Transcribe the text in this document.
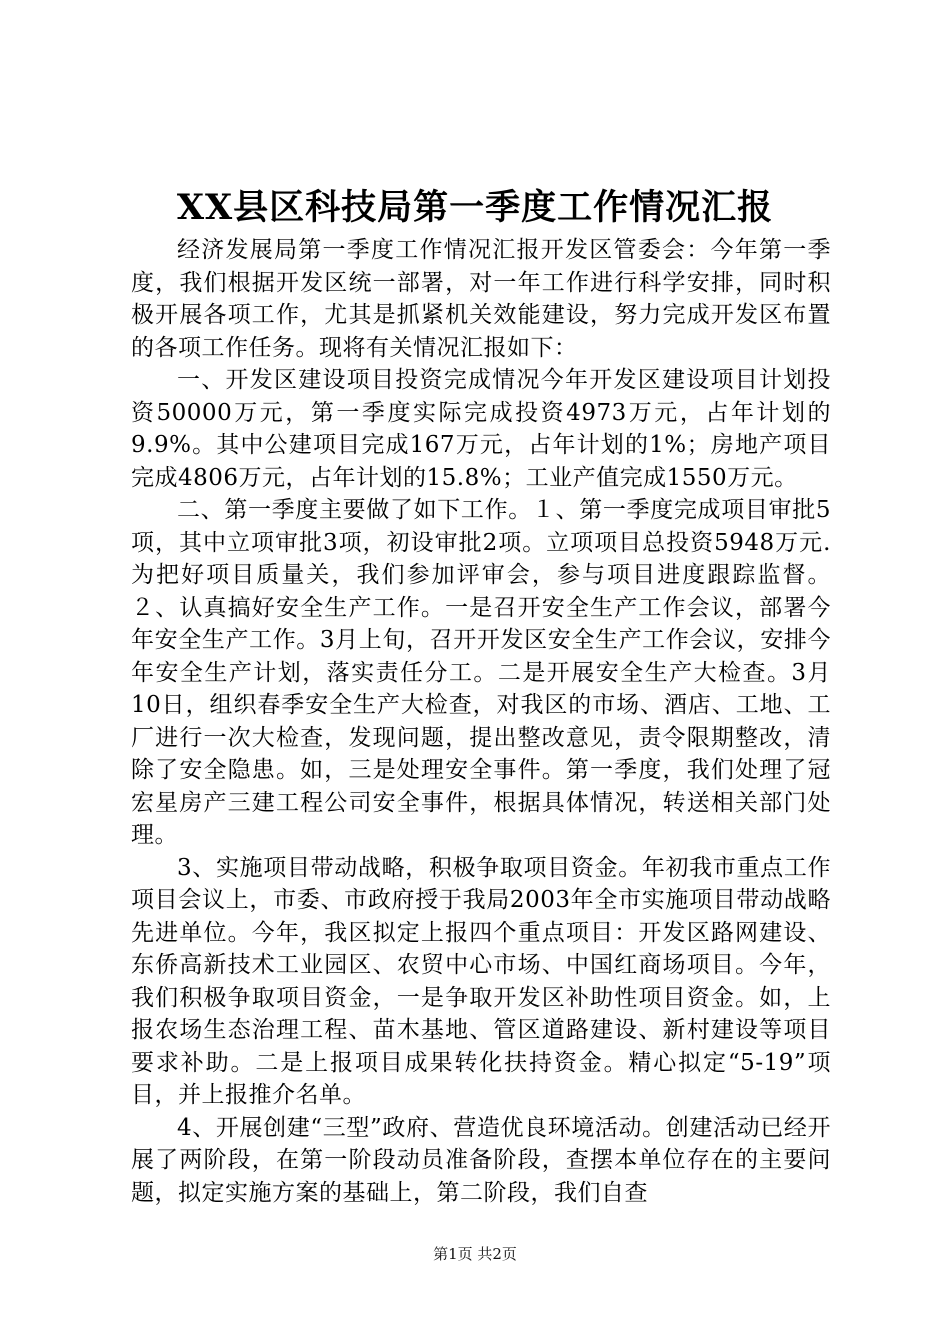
XX县区科技局第一季度工作情况汇报

经济发展局第一季度工作情况汇报开发区管委会：今年第一季度，我们根据开发区统一部署，对一年工作进行科学安排，同时积极开展各项工作，尤其是抓紧机关效能建设，努力完成开发区布置的各项工作任务。现将有关情况汇报如下：

一、开发区建设项目投资完成情况今年开发区建设项目计划投资50000万元，第一季度实际完成投资4973万元，占年计划的9.9%。其中公建项目完成167万元，占年计划的1%；房地产项目完成4806万元，占年计划的15.8%；工业产值完成1550万元。

二、第一季度主要做了如下工作。１、第一季度完成项目审批5项，其中立项审批3项，初设审批2项。立项项目总投资5948万元.为把好项目质量关，我们参加评审会，参与项目进度跟踪监督。２、认真搞好安全生产工作。一是召开安全生产工作会议，部署今年安全生产工作。3月上旬，召开开发区安全生产工作会议，安排今年安全生产计划，落实责任分工。二是开展安全生产大检查。3月10日，组织春季安全生产大检查，对我区的市场、酒店、工地、工厂进行一次大检查，发现问题，提出整改意见，责令限期整改，清除了安全隐患。如，三是处理安全事件。第一季度，我们处理了冠宏星房产三建工程公司安全事件，根据具体情况，转送相关部门处理。

3、实施项目带动战略，积极争取项目资金。年初我市重点工作项目会议上，市委、市政府授于我局2003年全市实施项目带动战略先进单位。今年，我区拟定上报四个重点项目：开发区路网建设、东侨高新技术工业园区、农贸中心市场、中国红商场项目。今年，我们积极争取项目资金，一是争取开发区补助性项目资金。如，上报农场生态治理工程、苗木基地、管区道路建设、新村建设等项目要求补助。二是上报项目成果转化扶持资金。精心拟定“5-19”项目，并上报推介名单。

4、开展创建“三型”政府、营造优良环境活动。创建活动已经开展了两阶段，在第一阶段动员准备阶段，查摆本单位存在的主要问题，拟定实施方案的基础上，第二阶段，我们自查

第1页 共2页
